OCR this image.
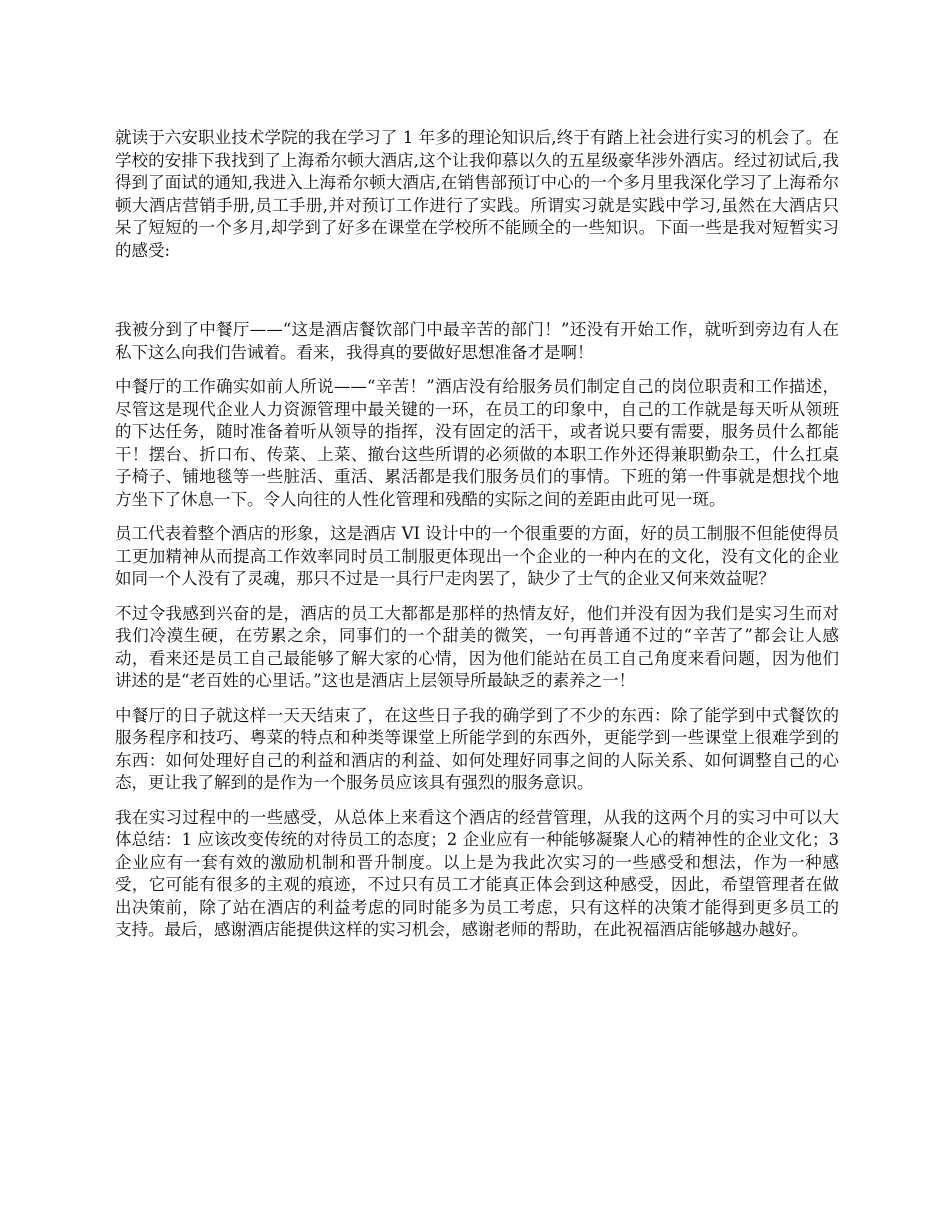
就读于六安职业技术学院的我在学习了 1 年多的理论知识后,终于有踏上社会进行实习的机会了。在学校的安排下我找到了上海希尔顿大酒店,这个让我仰慕以久的五星级豪华涉外酒店。经过初试后,我得到了面试的通知,我进入上海希尔顿大酒店,在销售部预订中心的一个多月里我深化学习了上海希尔顿大酒店营销手册,员工手册,并对预订工作进行了实践。所谓实习就是实践中学习,虽然在大酒店只呆了短短的一个多月,却学到了好多在课堂在学校所不能顾全的一些知识。下面一些是我对短暂实习的感受:

我被分到了中餐厅——“这是酒店餐饮部门中最辛苦的部门！”还没有开始工作，就听到旁边有人在私下这么向我们告诫着。看来，我得真的要做好思想准备才是啊！

中餐厅的工作确实如前人所说——“辛苦！”酒店没有给服务员们制定自己的岗位职责和工作描述，尽管这是现代企业人力资源管理中最关键的一环，在员工的印象中，自己的工作就是每天听从领班的下达任务，随时准备着听从领导的指挥，没有固定的活干，或者说只要有需要，服务员什么都能干！摆台、折口布、传菜、上菜、撤台这些所谓的必须做的本职工作外还得兼职勤杂工，什么扛桌子椅子、铺地毯等一些脏活、重活、累活都是我们服务员们的事情。下班的第一件事就是想找个地方坐下了休息一下。令人向往的人性化管理和残酷的实际之间的差距由此可见一斑。

员工代表着整个酒店的形象，这是酒店 VI 设计中的一个很重要的方面，好的员工制服不但能使得员工更加精神从而提高工作效率同时员工制服更体现出一个企业的一种内在的文化，没有文化的企业如同一个人没有了灵魂，那只不过是一具行尸走肉罢了，缺少了士气的企业又何来效益呢？

不过令我感到兴奋的是，酒店的员工大都都是那样的热情友好，他们并没有因为我们是实习生而对我们冷漠生硬，在劳累之余，同事们的一个甜美的微笑，一句再普通不过的“辛苦了”都会让人感动，看来还是员工自己最能够了解大家的心情，因为他们能站在员工自己角度来看问题，因为他们讲述的是“老百姓的心里话。”这也是酒店上层领导所最缺乏的素养之一！

中餐厅的日子就这样一天天结束了，在这些日子我的确学到了不少的东西：除了能学到中式餐饮的服务程序和技巧、粤菜的特点和种类等课堂上所能学到的东西外，更能学到一些课堂上很难学到的东西：如何处理好自己的利益和酒店的利益、如何处理好同事之间的人际关系、如何调整自己的心态，更让我了解到的是作为一个服务员应该具有强烈的服务意识。

我在实习过程中的一些感受，从总体上来看这个酒店的经营管理，从我的这两个月的实习中可以大体总结：1 应该改变传统的对待员工的态度；2 企业应有一种能够凝聚人心的精神性的企业文化；3 企业应有一套有效的激励机制和晋升制度。以上是为我此次实习的一些感受和想法，作为一种感受，它可能有很多的主观的痕迹，不过只有员工才能真正体会到这种感受，因此，希望管理者在做出决策前，除了站在酒店的利益考虑的同时能多为员工考虑，只有这样的决策才能得到更多员工的支持。最后，感谢酒店能提供这样的实习机会，感谢老师的帮助，在此祝福酒店能够越办越好。
